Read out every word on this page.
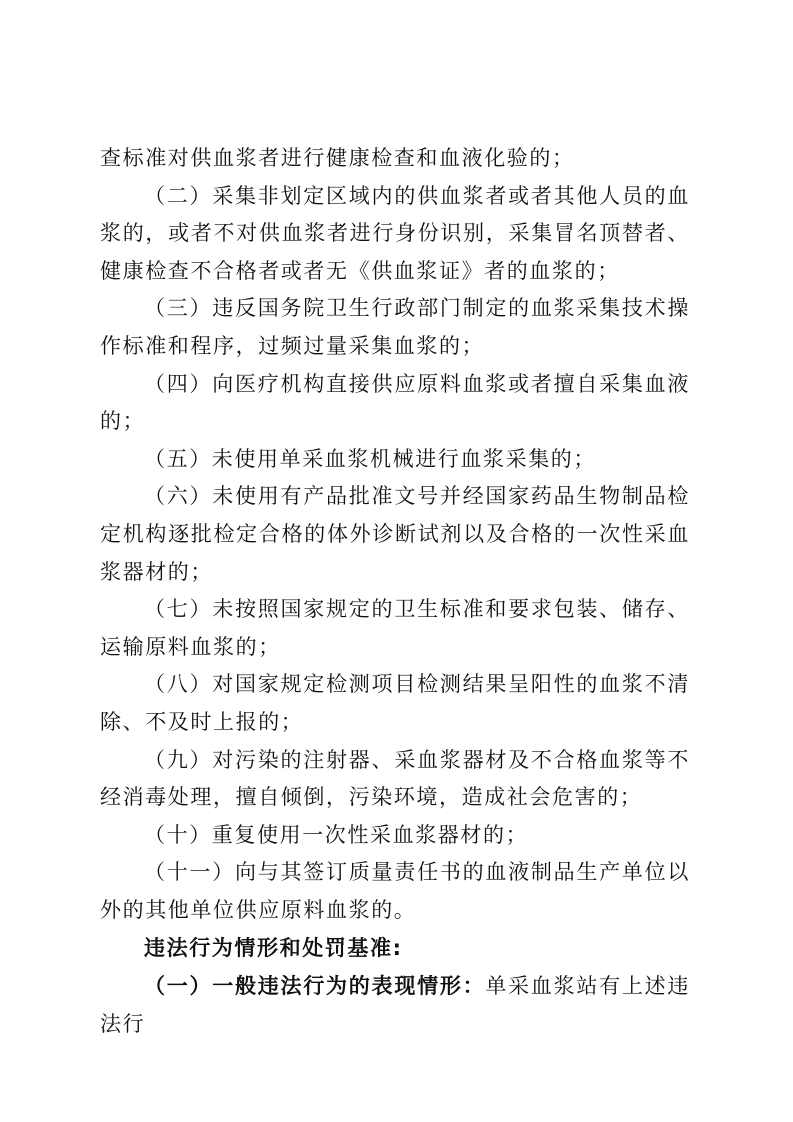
查标准对供血浆者进行健康检查和血液化验的；

（二）采集非划定区域内的供血浆者或者其他人员的血浆的，或者不对供血浆者进行身份识别，采集冒名顶替者、健康检查不合格者或者无《供血浆证》者的血浆的；

（三）违反国务院卫生行政部门制定的血浆采集技术操作标准和程序，过频过量采集血浆的；

（四）向医疗机构直接供应原料血浆或者擅自采集血液的；

（五）未使用单采血浆机械进行血浆采集的；

（六）未使用有产品批准文号并经国家药品生物制品检定机构逐批检定合格的体外诊断试剂以及合格的一次性采血浆器材的；

（七）未按照国家规定的卫生标准和要求包装、储存、运输原料血浆的；

（八）对国家规定检测项目检测结果呈阳性的血浆不清除、不及时上报的；

（九）对污染的注射器、采血浆器材及不合格血浆等不经消毒处理，擅自倾倒，污染环境，造成社会危害的；

（十）重复使用一次性采血浆器材的；

（十一）向与其签订质量责任书的血液制品生产单位以外的其他单位供应原料血浆的。

违法行为情形和处罚基准:

（一）一般违法行为的表现情形：单采血浆站有上述违法行
